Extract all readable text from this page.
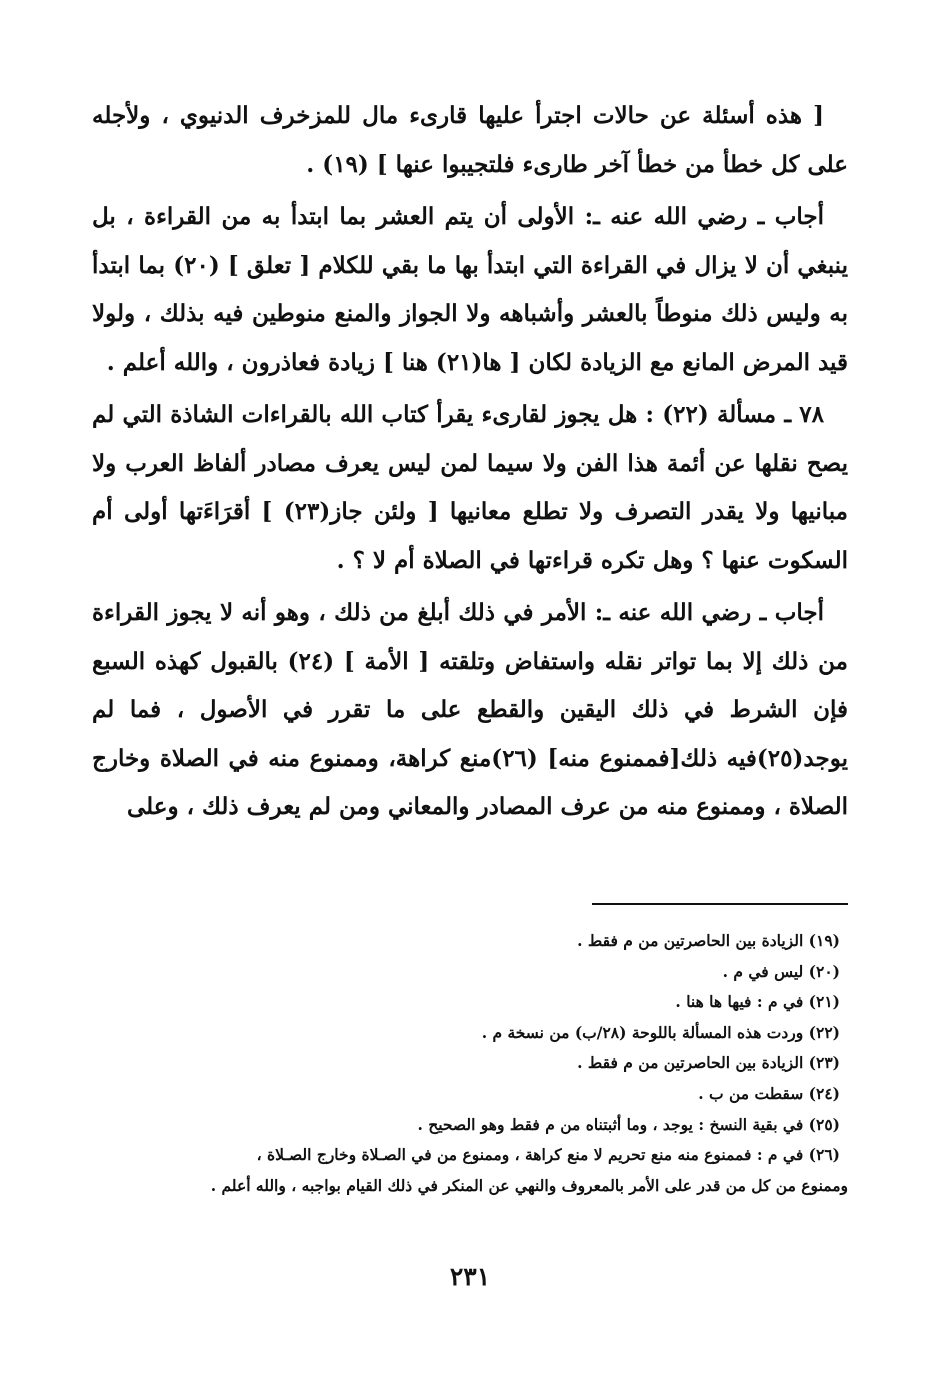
[ هذه أسئلة عن حالات اجترأ عليها قارىء مال للمزخرف الدنيوي ، ولأجله على كل خطأ من خطأ آخر طارىء فلتجيبوا عنها ] (١٩) .

أجاب ـ رضي الله عنه ـ: الأولى أن يتم العشر بما ابتدأ به من القراءة ، بل ينبغي أن لا يزال في القراءة التي ابتدأ بها ما بقي للكلام [ تعلق ] (٢٠) بما ابتدأ به وليس ذلك منوطاً بالعشر وأشباهه ولا الجواز والمنع منوطين فيه بذلك ، ولولا قيد المرض المانع مع الزيادة لكان [ ها(٢١) هنا ] زيادة فعاذرون ، والله أعلم .

٧٨ ـ مسألة (٢٢) : هل يجوز لقارىء يقرأ كتاب الله بالقراءات الشاذة التي لم يصح نقلها عن أئمة هذا الفن ولا سيما لمن ليس يعرف مصادر ألفاظ العرب ولا مبانيها ولا يقدر التصرف ولا تطلع معانيها [ ولئن جاز(٢٣) ] أقرَاءَتها أولى أم السكوت عنها ؟ وهل تكره قراءتها في الصلاة أم لا ؟ .

أجاب ـ رضي الله عنه ـ: الأمر في ذلك أبلغ من ذلك ، وهو أنه لا يجوز القراءة من ذلك إلا بما تواتر نقله واستفاض وتلقته [ الأمة ] (٢٤) بالقبول كهذه السبع فإن الشرط في ذلك اليقين والقطع على ما تقرر في الأصول ، فما لم يوجد(٢٥)فيه ذلك[فممنوع منه] (٢٦)منع كراهة، وممنوع منه في الصلاة وخارج الصلاة ، وممنوع منه من عرف المصادر والمعاني ومن لم يعرف ذلك ، وعلى

(١٩) الزيادة بين الحاصرتين من م فقط .

(٢٠) ليس في م .

(٢١) في م : فيها ها هنا .

(٢٢) وردت هذه المسألة باللوحة (٢٨/ب) من نسخة م .

(٢٣) الزيادة بين الحاصرتين من م فقط .

(٢٤) سقطت من ب .

(٢٥) في بقية النسخ : يوجد ، وما أثبتناه من م فقط وهو الصحيح .

(٢٦) في م : فممنوع منه منع تحريم لا منع كراهة ، وممنوع من في الصـلاة وخارج الصـلاة ،

وممنوع من كل من قدر على الأمر بالمعروف والنهي عن المنكر في ذلك القيام بواجبه ، والله أعلم .

٢٣١
